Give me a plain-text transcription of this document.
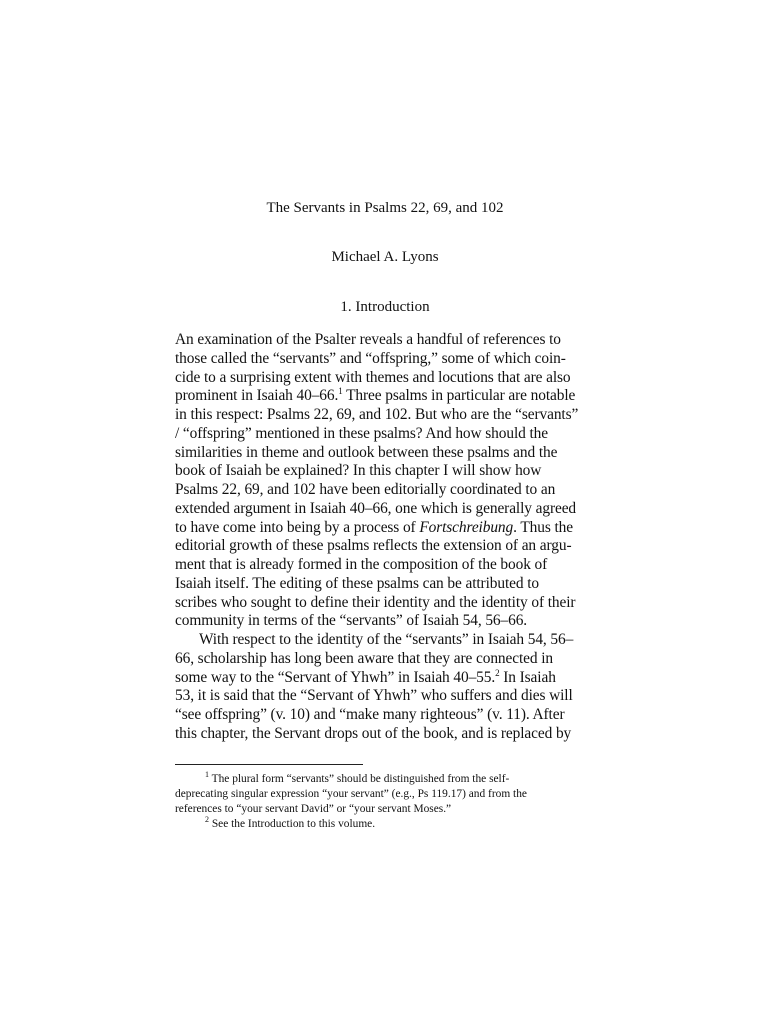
The Servants in Psalms 22, 69, and 102
Michael A. Lyons
1. Introduction
An examination of the Psalter reveals a handful of references to
those called the “servants” and “offspring,” some of which coin-
cide to a surprising extent with themes and locutions that are also
prominent in Isaiah 40–66.$^1$ Three psalms in particular are notable
in this respect: Psalms 22, 69, and 102. But who are the “servants”
/ “offspring” mentioned in these psalms? And how should the
similarities in theme and outlook between these psalms and the
book of Isaiah be explained? In this chapter I will show how
Psalms 22, 69, and 102 have been editorially coordinated to an
extended argument in Isaiah 40–66, one which is generally agreed
to have come into being by a process of Fortschreibung. Thus the
editorial growth of these psalms reflects the extension of an argu-
ment that is already formed in the composition of the book of
Isaiah itself. The editing of these psalms can be attributed to
scribes who sought to define their identity and the identity of their
community in terms of the “servants” of Isaiah 54, 56–66.
With respect to the identity of the “servants” in Isaiah 54, 56–
66, scholarship has long been aware that they are connected in
some way to the “Servant of Yhwh” in Isaiah 40–55.$^2$ In Isaiah
53, it is said that the “Servant of Yhwh” who suffers and dies will
“see offspring” (v. 10) and “make many righteous” (v. 11). After
this chapter, the Servant drops out of the book, and is replaced by
$^1$ The plural form “servants” should be distinguished from the self-
deprecating singular expression “your servant” (e.g., Ps 119.17) and from the
references to “your servant David” or “your servant Moses.”
$^2$ See the Introduction to this volume.
